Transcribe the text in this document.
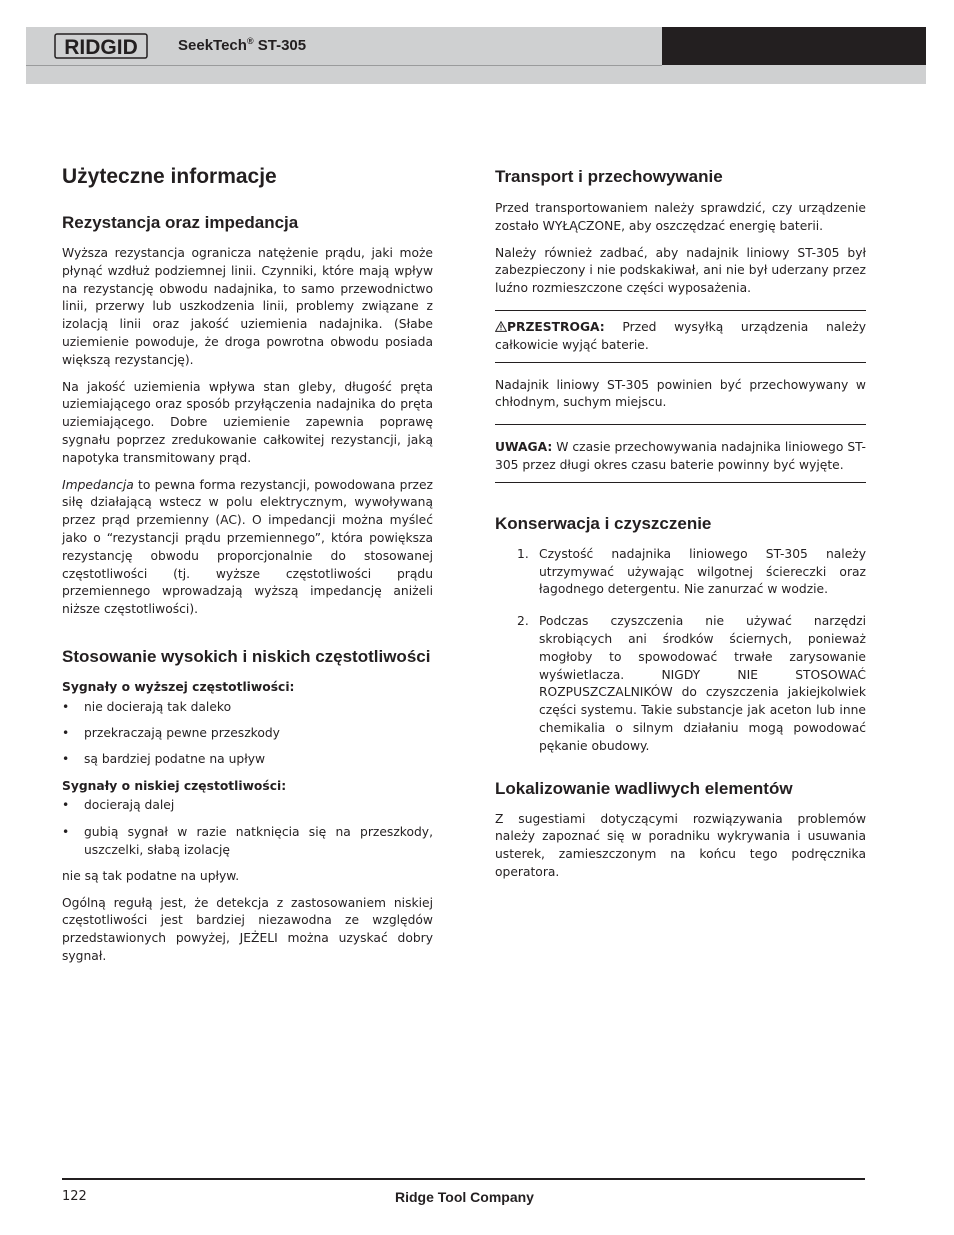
RIDGID	SeekTech® ST-305
Użyteczne informacje
Rezystancja oraz impedancja

Wyższa rezystancja ogranicza natężenie prądu, jaki może płynąć wzdłuż podziemnej linii. Czynniki, które mają wpływ na rezystancję obwodu nadajnika, to samo przewodnictwo linii, przerwy lub uszkodzenia linii, problemy związane z izolacją linii oraz jakość uziemienia nadajnika. (Słabe uziemienie powoduje, że droga powrotna obwodu posiada większą rezystancję).

Na jakość uziemienia wpływa stan gleby, długość pręta uziemiającego oraz sposób przyłączenia nadajnika do pręta uziemiającego. Dobre uziemienie zapewnia poprawę sygnału poprzez zredukowanie całkowitej rezystancji, jaką napotyka transmitowany prąd.

Impedancja to pewna forma rezystancji, powodowana przez siłę działającą wstecz w polu elektrycznym, wywoływaną przez prąd przemienny (AC). O impedancji można myśleć jako o “rezystancji prądu przemiennego”, która powiększa rezystancję obwodu proporcjonalnie do stosowanej częstotliwości (tj. wyższe częstotliwości prądu przemiennego wprowadzają wyższą impedancję aniżeli niższe częstotliwości).

Stosowanie wysokich i niskich częstotliwości
Sygnały o wyższej częstotliwości:
• nie docierają tak daleko
• przekraczają pewne przeszkody
• są bardziej podatne na upływ
Sygnały o niskiej częstotliwości:
• docierają dalej
• gubią sygnał w razie natknięcia się na przeszkody, uszczelki, słabą izolację

nie są tak podatne na upływ.

Ogólną regułą jest, że detekcja z zastosowaniem niskiej częstotliwości jest bardziej niezawodna ze względów przedstawionych powyżej, JEŻELI można uzyskać dobry sygnał.

Transport i przechowywanie

Przed transportowaniem należy sprawdzić, czy urządzenie zostało WYŁĄCZONE, aby oszczędzać energię baterii.

Należy również zadbać, aby nadajnik liniowy ST-305 był zabezpieczony i nie podskakiwał, ani nie był uderzany przez luźno rozmieszczone części wyposażenia.

PRZESTROGA: Przed wysyłką urządzenia należy całkowicie wyjąć baterie.

Nadajnik liniowy ST-305 powinien być przechowywany w chłodnym, suchym miejscu.

UWAGA: W czasie przechowywania nadajnika liniowego ST-305 przez długi okres czasu baterie powinny być wyjęte.

Konserwacja i czyszczenie
1. Czystość nadajnika liniowego ST-305 należy utrzymywać używając wilgotnej ściereczki oraz łagodnego detergentu. Nie zanurzać w wodzie.
2. Podczas czyszczenia nie używać narzędzi skrobiących ani środków ściernych, ponieważ mogłoby to spowodować trwałe zarysowanie wyświetlacza. NIGDY NIE STOSOWAĆ ROZPUSZCZALNIKÓW do czyszczenia jakiejkolwiek części systemu. Takie substancje jak aceton lub inne chemikalia o silnym działaniu mogą powodować pękanie obudowy.
Lokalizowanie wadliwych elementów

Z sugestiami dotyczącymi rozwiązywania problemów należy zapoznać się w poradniku wykrywania i usuwania usterek, zamieszczonym na końcu tego podręcznika operatora.

122	Ridge Tool Company
